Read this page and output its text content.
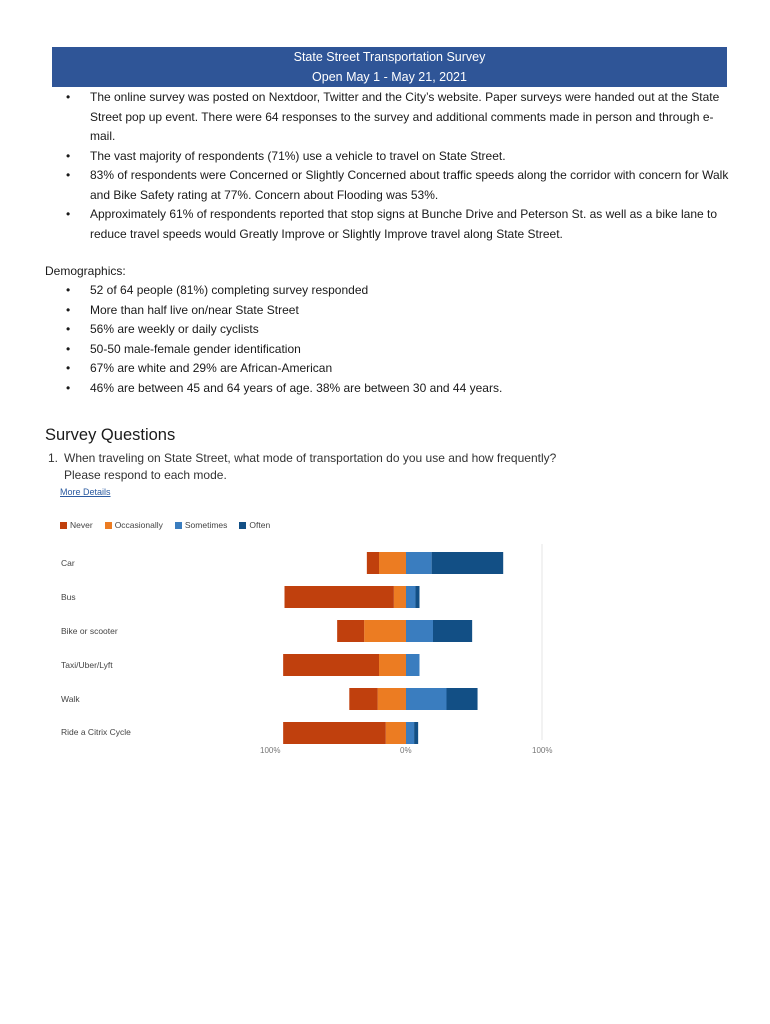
State Street Transportation Survey
Open May 1 - May 21, 2021
• The online survey was posted on Nextdoor, Twitter and the City’s website. Paper surveys were handed out at the State Street pop up event. There were 64 responses to the survey and additional comments made in person and through e-mail.
• The vast majority of respondents (71%) use a vehicle to travel on State Street.
• 83% of respondents were Concerned or Slightly Concerned about traffic speeds along the corridor with concern for Walk and Bike Safety rating at 77%. Concern about Flooding was 53%.
• Approximately 61% of respondents reported that stop signs at Bunche Drive and Peterson St. as well as a bike lane to reduce travel speeds would Greatly Improve or Slightly Improve travel along State Street.
Demographics:
• 52 of 64 people (81%) completing survey responded
• More than half live on/near State Street
• 56% are weekly or daily cyclists
• 50-50 male-female gender identification
• 67% are white and 29% are African-American
• 46% are between 45 and 64 years of age. 38% are between 30 and 44 years.
Survey Questions
1. When traveling on State Street, what mode of transportation do you use and how frequently?
Please respond to each mode.
More Details
Never	Occasionally	Sometimes	Often
Car
Bus
Bike or scooter
Taxi/Uber/Lyft
Walk
Ride a Citrix Cycle
100%	0%	100%
